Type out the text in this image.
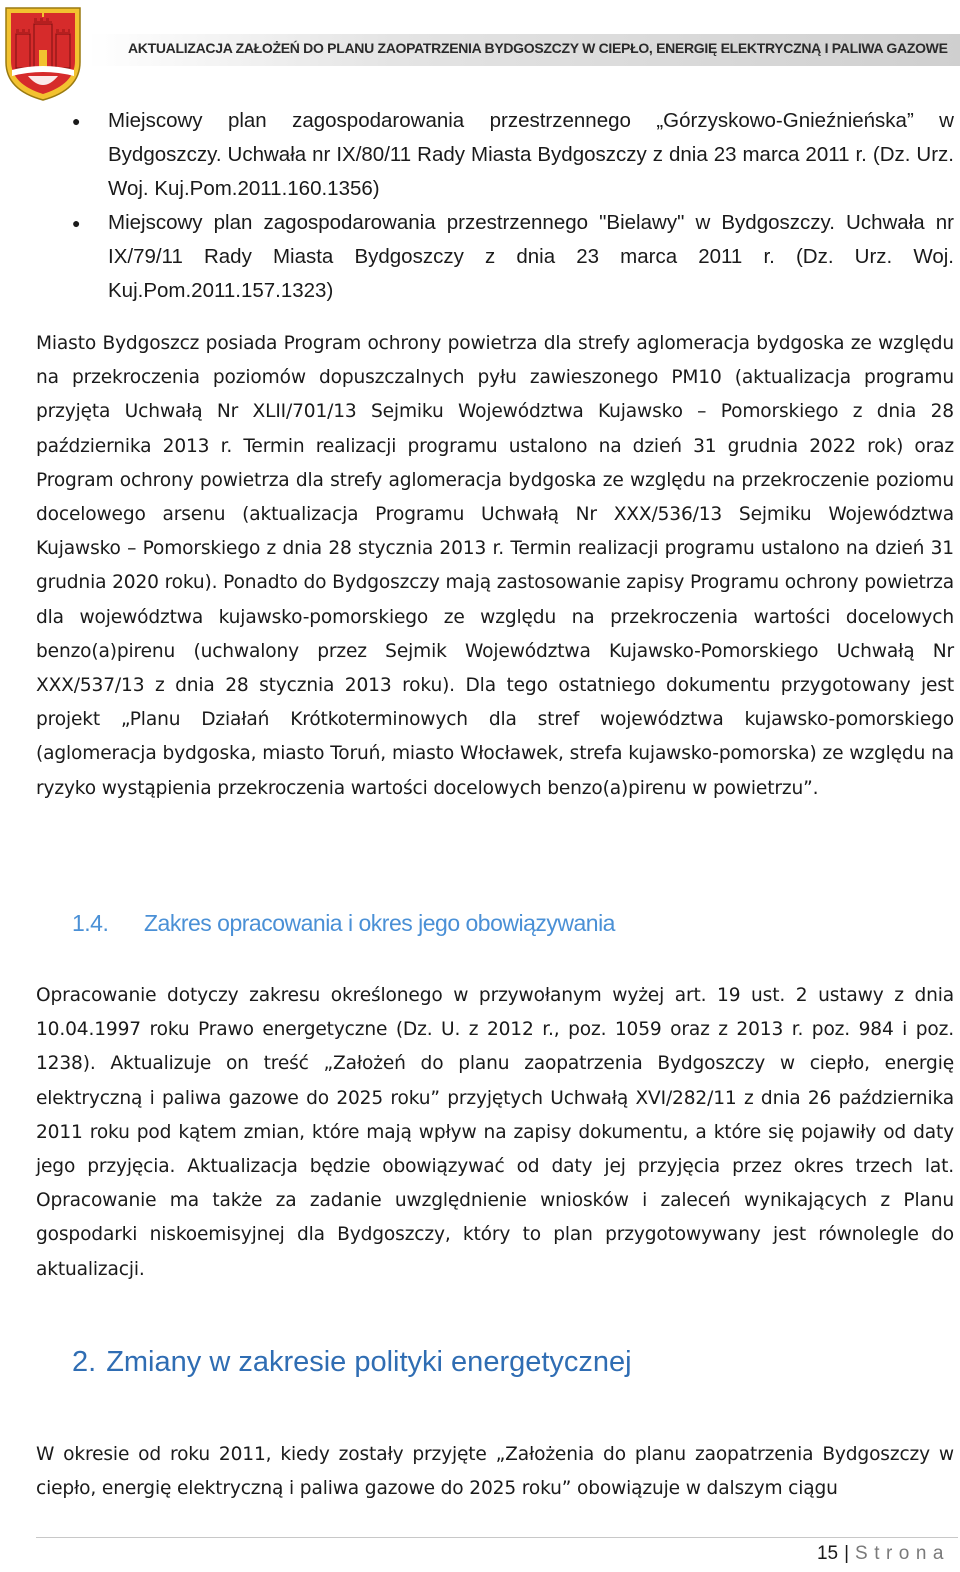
AKTUALIZACJA ZAŁOŻEŃ DO PLANU ZAOPATRZENIA BYDGOSZCZY W CIEPŁO, ENERGIĘ ELEKTRYCZNĄ I PALIWA GAZOWE
● Miejscowy plan zagospodarowania przestrzennego „Górzyskowo-Gnieźnieńska” w Bydgoszczy. Uchwała nr IX/80/11 Rady Miasta Bydgoszczy z dnia 23 marca 2011 r. (Dz. Urz. Woj. Kuj.Pom.2011.160.1356)
● Miejscowy plan zagospodarowania przestrzennego "Bielawy" w Bydgoszczy. Uchwała nr IX/79/11 Rady Miasta Bydgoszczy z dnia 23 marca 2011 r. (Dz. Urz. Woj. Kuj.Pom.2011.157.1323)

Miasto Bydgoszcz posiada Program ochrony powietrza dla strefy aglomeracja bydgoska ze względu na przekroczenia poziomów dopuszczalnych pyłu zawieszonego PM10 (aktualizacja programu przyjęta Uchwałą Nr XLII/701/13 Sejmiku Województwa Kujawsko – Pomorskiego z dnia 28 października 2013 r. Termin realizacji programu ustalono na dzień 31 grudnia 2022 rok) oraz Program ochrony powietrza dla strefy aglomeracja bydgoska ze względu na przekroczenie poziomu docelowego arsenu (aktualizacja Programu Uchwałą Nr XXX/536/13 Sejmiku Województwa Kujawsko – Pomorskiego z dnia 28 stycznia 2013 r. Termin realizacji programu ustalono na dzień 31 grudnia 2020 roku). Ponadto do Bydgoszczy mają zastosowanie zapisy Programu ochrony powietrza dla województwa kujawsko-pomorskiego ze względu na przekroczenia wartości docelowych benzo(a)pirenu (uchwalony przez Sejmik Województwa Kujawsko-Pomorskiego Uchwałą Nr XXX/537/13 z dnia 28 stycznia 2013 roku). Dla tego ostatniego dokumentu przygotowany jest projekt „Planu Działań Krótkoterminowych dla stref województwa kujawsko-pomorskiego (aglomeracja bydgoska, miasto Toruń, miasto Włocławek, strefa kujawsko-pomorska) ze względu na ryzyko wystąpienia przekroczenia wartości docelowych benzo(a)pirenu w powietrzu”.

1.4. Zakres opracowania i okres jego obowiązywania

Opracowanie dotyczy zakresu określonego w przywołanym wyżej art. 19 ust. 2 ustawy z dnia 10.04.1997 roku Prawo energetyczne (Dz. U. z 2012 r., poz. 1059 oraz z 2013 r. poz. 984 i poz. 1238). Aktualizuje on treść „Założeń do planu zaopatrzenia Bydgoszczy w ciepło, energię elektryczną i paliwa gazowe do 2025 roku” przyjętych Uchwałą XVI/282/11 z dnia 26 października 2011 roku pod kątem zmian, które mają wpływ na zapisy dokumentu, a które się pojawiły od daty jego przyjęcia. Aktualizacja będzie obowiązywać od daty jej przyjęcia przez okres trzech lat. Opracowanie ma także za zadanie uwzględnienie wniosków i zaleceń wynikających z Planu gospodarki niskoemisyjnej dla Bydgoszczy, który to plan przygotowywany jest równolegle do aktualizacji.

2. Zmiany w zakresie polityki energetycznej

W okresie od roku 2011, kiedy zostały przyjęte „Założenia do planu zaopatrzenia Bydgoszczy w ciepło, energię elektryczną i paliwa gazowe do 2025 roku” obowiązuje w dalszym ciągu

15 | Strona
